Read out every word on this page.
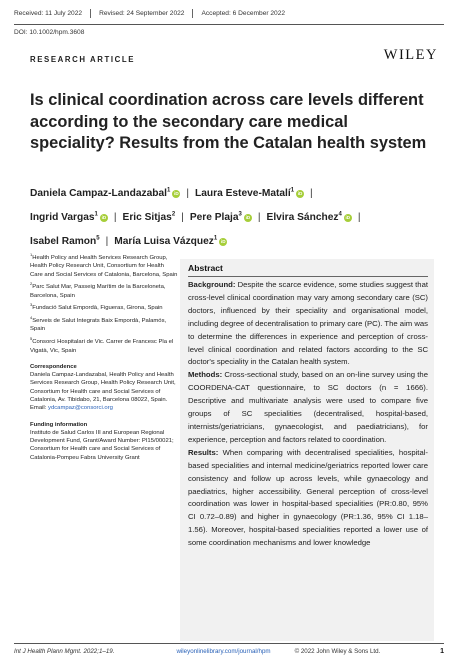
Received: 11 July 2022	Revised: 24 September 2022	Accepted: 6 December 2022
DOI: 10.1002/hpm.3608
RESEARCH ARTICLE	WILEY
Is clinical coordination across care levels different according to the secondary care medical speciality? Results from the Catalan health system
Daniela Campaz-Landazabal$^1$ iD | Laura Esteve-Matalí$^1$ iD |
Ingrid Vargas$^1$ iD | Eric Sitjas$^2$ | Pere Plaja$^3$ iD | Elvira Sánchez$^4$ iD |
Isabel Ramon$^5$ | María Luisa Vázquez$^1$ iD
$^1$Health Policy and Health Services Research Group, Health Policy Research Unit, Consortium for Health Care and Social Services of Catalonia, Barcelona, Spain
$^2$Parc Salut Mar, Passeig Marítim de la Barceloneta, Barcelona, Spain
$^3$Fundació Salut Empordà, Figueras, Girona, Spain
$^4$Serveis de Salut Integrats Baix Empordà, Palamós, Spain
$^5$Consorci Hospitalari de Vic. Carrer de Francesc Pla el Vigatà, Vic, Spain
Correspondence
Daniela Campaz-Landazabal, Health Policy and Health Services Research Group, Health Policy Research Unit, Consortium for Health care and Social Services of Catalonia, Av. Tibidabo, 21, Barcelona 08022, Spain. Email: ydcampaz@consorci.org
Funding information
Instituto de Salud Carlos III and European Regional Development Fund, Grant/Award Number: PI15/00021; Consortium for Health care and Social Services of Catalonia-Pompeu Fabra University Grant
Abstract

Background: Despite the scarce evidence, some studies suggest that cross-level clinical coordination may vary among secondary care (SC) doctors, influenced by their speciality and organisational model, including degree of decentralisation to primary care (PC). The aim was to determine the differences in experience and perception of cross-level clinical coordination and related factors according to the SC doctor's speciality in the Catalan health system.

Methods: Cross-sectional study, based on an on-line survey using the COORDENA-CAT questionnaire, to SC doctors (n = 1666). Descriptive and multivariate analysis were used to compare five groups of SC specialities (decentralised, hospital-based, internists/geriatricians, gynaecologist, and paediatricians), for experience, perception and factors related to coordination.

Results: When comparing with decentralised specialities, hospital-based specialities and internal medicine/geriatrics reported lower care consistency and follow up across levels, while gynaecology and paediatrics, higher accessibility. General perception of cross-level coordination was lower in hospital-based specialities (PR:0.80, 95% CI 0.72–0.89) and higher in gynaecology (PR:1.36, 95% CI 1.18–1.56). Moreover, hospital-based specialities reported a lower use of some coordination mechanisms and lower knowledge

Int J Health Plann Mgmt. 2022;1–19.	wileyonlinelibrary.com/journal/hpm	© 2022 John Wiley & Sons Ltd.	1
